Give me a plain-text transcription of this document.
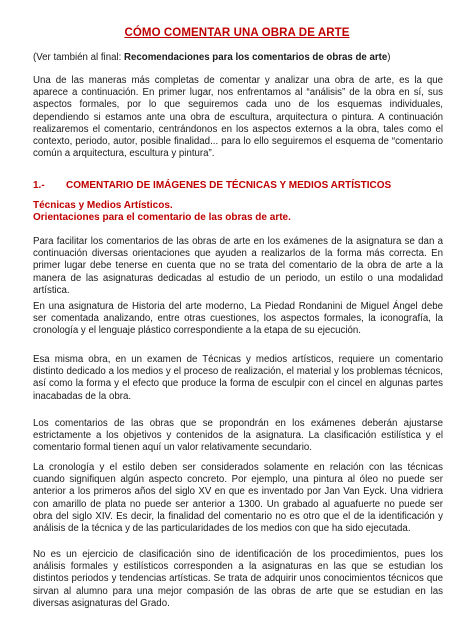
CÓMO COMENTAR UNA OBRA DE ARTE

(Ver también al final: Recomendaciones para los comentarios de obras de arte)

Una de las maneras más completas de comentar y analizar una obra de arte, es la que aparece a continuación. En primer lugar, nos enfrentamos al “análisis” de la obra en sí, sus aspectos formales, por lo que seguiremos cada uno de los esquemas individuales, dependiendo si estamos ante una obra de escultura, arquitectura o pintura. A continuación realizaremos el comentario, centrándonos en los aspectos externos a la obra, tales como el contexto, periodo, autor, posible finalidad... para lo ello seguiremos el esquema de “comentario común a arquitectura, escultura y pintura”.

1.- COMENTARIO DE IMÁGENES DE TÉCNICAS Y MEDIOS ARTÍSTICOS

Técnicas y Medios Artísticos.

Orientaciones para el comentario de las obras de arte.

Para facilitar los comentarios de las obras de arte en los exámenes de la asignatura se dan a continuación diversas orientaciones que ayuden a realizarlos de la forma más correcta. En primer lugar debe tenerse en cuenta que no se trata del comentario de la obra de arte a la manera de las asignaturas dedicadas al estudio de un periodo, un estilo o una modalidad artística.

En una asignatura de Historia del arte moderno, La Piedad Rondanini de Miguel Ángel debe ser comentada analizando, entre otras cuestiones, los aspectos formales, la iconografía, la cronología y el lenguaje plástico correspondiente a la etapa de su ejecución.

Esa misma obra, en un examen de Técnicas y medios artísticos, requiere un comentario distinto dedicado a los medios y el proceso de realización, el material y los problemas técnicos, así como la forma y el efecto que produce la forma de esculpir con el cincel en algunas partes inacabadas de la obra.

Los comentarios de las obras que se propondrán en los exámenes deberán ajustarse estrictamente a los objetivos y contenidos de la asignatura. La clasificación estilística y el comentario formal tienen aquí un valor relativamente secundario.

La cronología y el estilo deben ser considerados solamente en relación con las técnicas cuando signifiquen algún aspecto concreto. Por ejemplo, una pintura al óleo no puede ser anterior a los primeros años del siglo XV en que es inventado por Jan Van Eyck. Una vidriera con amarillo de plata no puede ser anterior a 1300. Un grabado al aguafuerte no puede ser obra del siglo XIV. Es decir, la finalidad del comentario no es otro que el de la identificación y análisis de la técnica y de las particularidades de los medios con que ha sido ejecutada.

No es un ejercicio de clasificación sino de identificación de los procedimientos, pues los análisis formales y estilísticos corresponden a la asignaturas en las que se estudian los distintos periodos y tendencias artísticas. Se trata de adquirir unos conocimientos técnicos que sirvan al alumno para una mejor compasión de las obras de arte que se estudian en las diversas asignaturas del Grado.
